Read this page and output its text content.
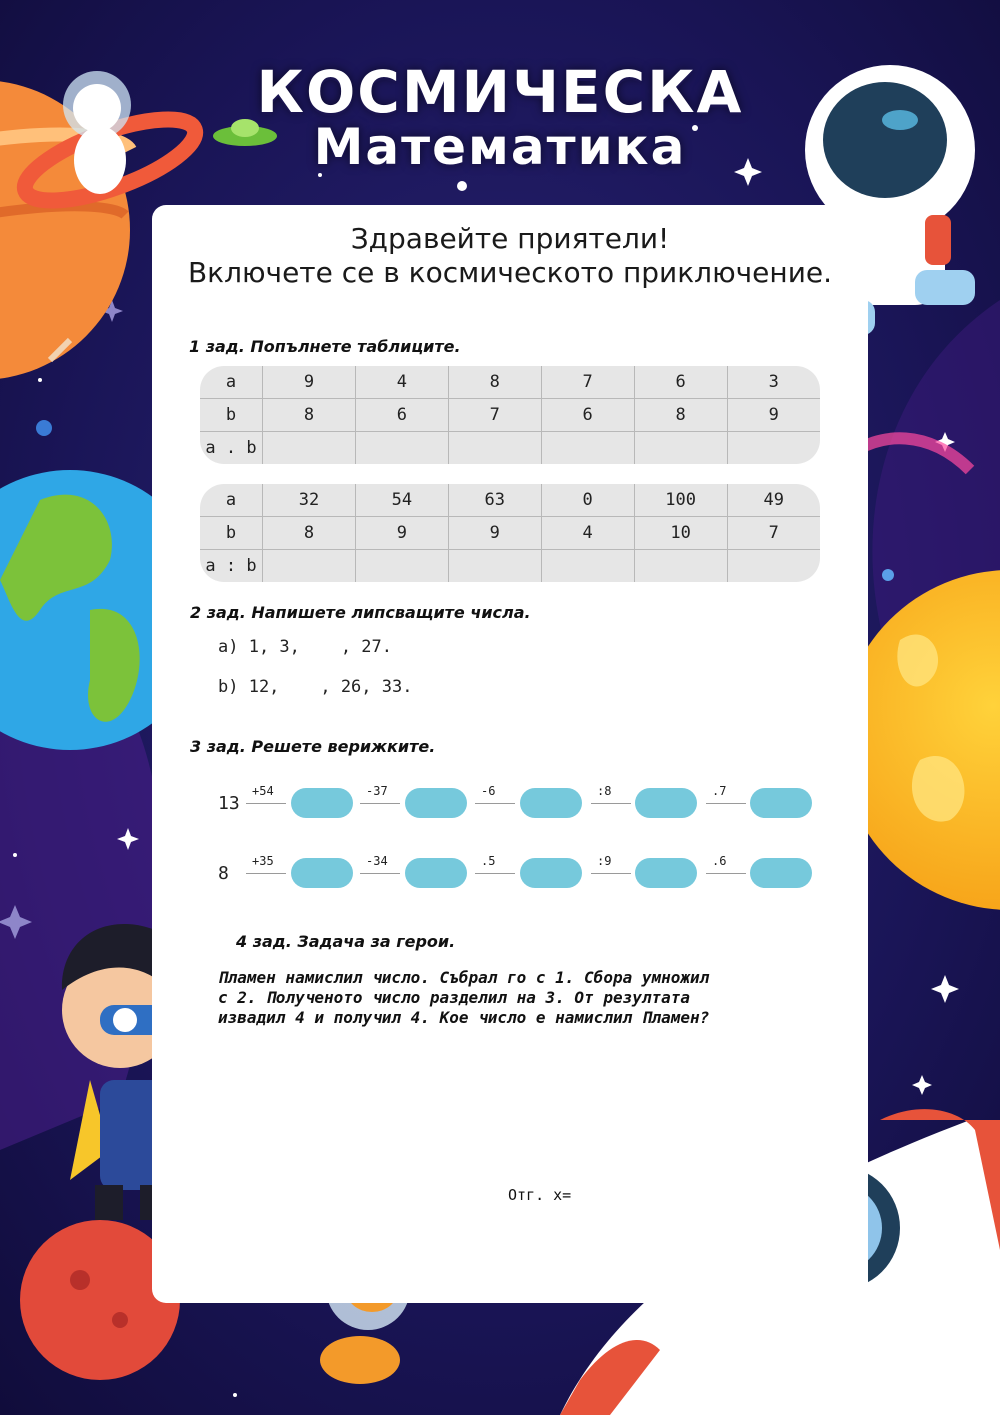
КОСМИЧЕСКА
Математика
Здравейте приятели!
Включете се в космическото приключение.
1 зад. Попълнете таблиците.
a	9	4	8	7	6	3
b	8	6	7	6	8	9
a . b						
a	32	54	63	0	100	49
b	8	9	9	4	10	7
a : b						
2 зад. Напишете липсващите числа.
а) 1, 3,    , 27.
b) 12,    , 26, 33.
3 зад. Решете верижките.
13
+54	-37	-6	:8	.7
8
+35	-34	.5	:9	.6
4 зад. Задача за герои.
Пламен намислил число. Събрал го с 1. Сбора умножил
с 2. Полученото число разделил на 3. От резултата
извадил 4 и получил 4. Кое число е намислил Пламен?
Отг. х=
